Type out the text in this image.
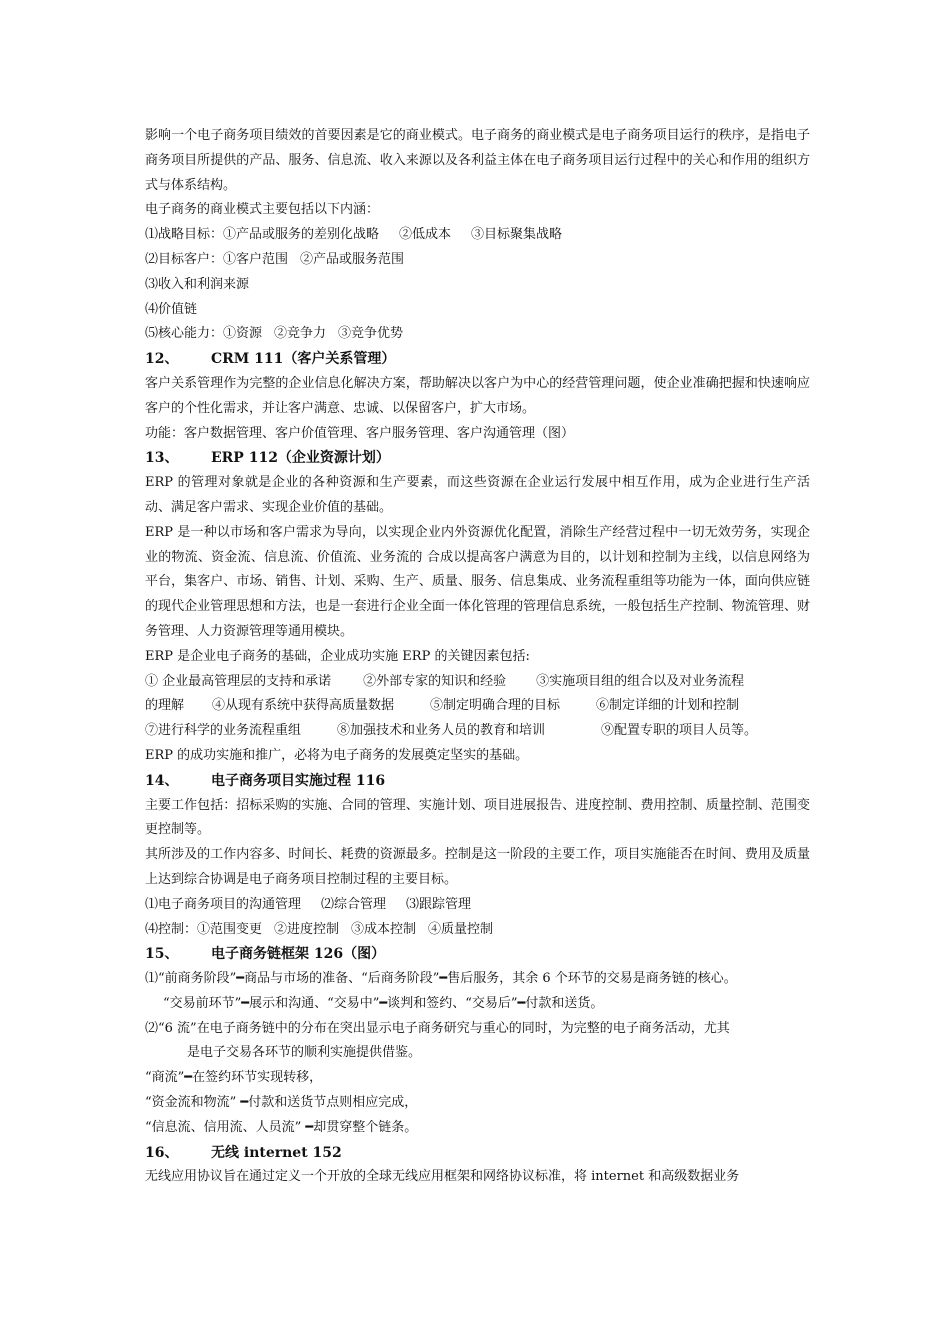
影响一个电子商务项目绩效的首要因素是它的商业模式。电子商务的商业模式是电子商务项目运行的秩序，是指电子商务项目所提供的产品、服务、信息流、收入来源以及各利益主体在电子商务项目运行过程中的关心和作用的组织方式与体系结构。
电子商务的商业模式主要包括以下内涵：
⑴战略目标：①产品或服务的差别化战略 ②低成本 ③目标聚集战略
⑵目标客户：①客户范围 ②产品或服务范围
⑶收入和利润来源
⑷价值链
⑸核心能力：①资源 ②竞争力 ③竞争优势
12、 CRM 111（客户关系管理）
客户关系管理作为完整的企业信息化解决方案，帮助解决以客户为中心的经营管理问题，使企业准确把握和快速响应客户的个性化需求，并让客户满意、忠诚、以保留客户，扩大市场。
功能：客户数据管理、客户价值管理、客户服务管理、客户沟通管理（图）
13、 ERP 112（企业资源计划）
ERP 的管理对象就是企业的各种资源和生产要素，而这些资源在企业运行发展中相互作用，成为企业进行生产活动、满足客户需求、实现企业价值的基础。
ERP 是一种以市场和客户需求为导向，以实现企业内外资源优化配置，消除生产经营过程中一切无效劳务，实现企业的物流、资金流、信息流、价值流、业务流的 合成以提高客户满意为目的，以计划和控制为主线，以信息网络为平台，集客户、市场、销售、计划、采购、生产、质量、服务、信息集成、业务流程重组等功能为一体，面向供应链的现代企业管理思想和方法，也是一套进行企业全面一体化管理的管理信息系统，一般包括生产控制、物流管理、财务管理、人力资源管理等通用模块。
ERP 是企业电子商务的基础，企业成功实施 ERP 的关键因素包括:
① 企业最高管理层的支持和承诺 ②外部专家的知识和经验 ③实施项目组的组合以及对业务流程
的理解 ④从现有系统中获得高质量数据	⑤制定明确合理的目标	⑥制定详细的计划和控制
⑦进行科学的业务流程重组	⑧加强技术和业务人员的教育和培训	⑨配置专职的项目人员等。
ERP 的成功实施和推广，必将为电子商务的发展奠定坚实的基础。
14、 电子商务项目实施过程 116
主要工作包括：招标采购的实施、合同的管理、实施计划、项目进展报告、进度控制、费用控制、质量控制、范围变更控制等。
其所涉及的工作内容多、时间长、耗费的资源最多。控制是这一阶段的主要工作，项目实施能否在时间、费用及质量上达到综合协调是电子商务项目控制过程的主要目标。
⑴电子商务项目的沟通管理 ⑵综合管理 ⑶跟踪管理
⑷控制：①范围变更 ②进度控制 ③成本控制 ④质量控制
15、 电子商务链框架 126（图）
⑴“前商务阶段”━商品与市场的准备、“后商务阶段”━售后服务，其余 6 个环节的交易是商务链的核心。
“交易前环节”━展示和沟通、“交易中”━谈判和签约、“交易后”━付款和送货。
⑵“6 流”在电子商务链中的分布在突出显示电子商务研究与重心的同时，为完整的电子商务活动，尤其
是电子交易各环节的顺利实施提供借鉴。
“商流”━在签约环节实现转移，
“资金流和物流” ━付款和送货节点则相应完成，
“信息流、信用流、人员流” ━却贯穿整个链条。
16、 无线 internet 152
无线应用协议旨在通过定义一个开放的全球无线应用框架和网络协议标准，将 internet 和高级数据业务
